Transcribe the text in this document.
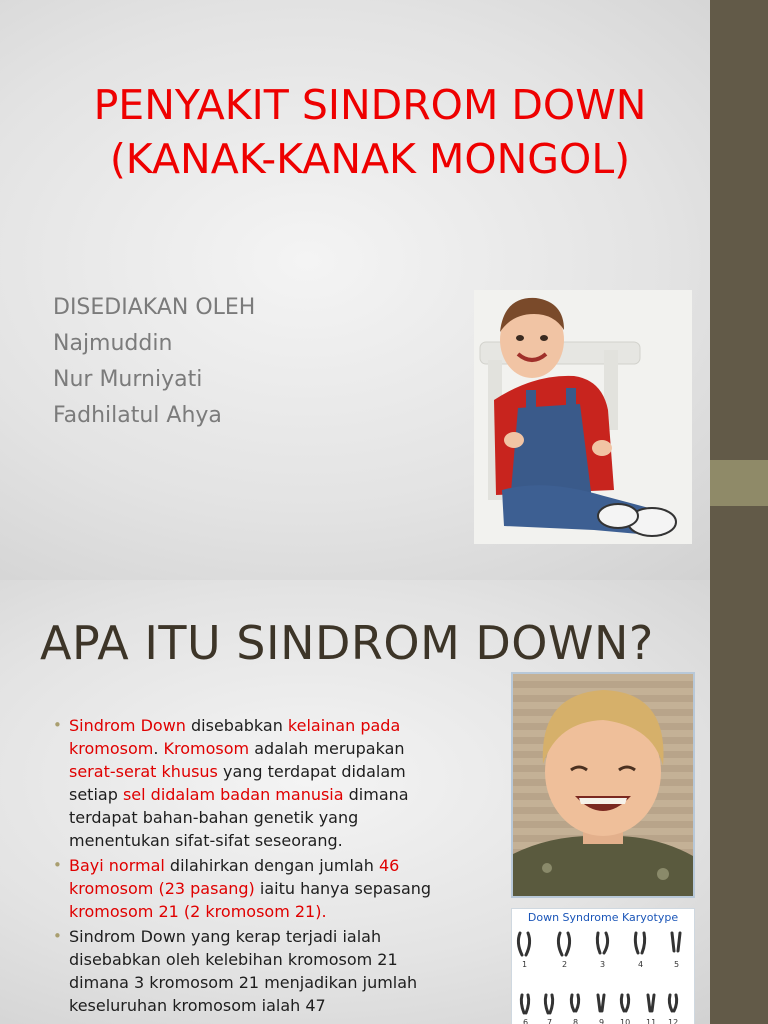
PENYAKIT SINDROM DOWN
(KANAK-KANAK MONGOL)
DISEDIAKAN OLEH
Najmuddin
Nur Murniyati
Fadhilatul Ahya
APA ITU SINDROM DOWN?
• Sindrom Down disebabkan kelainan pada kromosom. Kromosom adalah merupakan serat-serat khusus yang terdapat didalam setiap sel didalam badan manusia dimana terdapat bahan-bahan genetik yang menentukan sifat-sifat seseorang.
• Bayi normal dilahirkan dengan jumlah 46 kromosom (23 pasang) iaitu hanya sepasang kromosom 21 (2 kromosom 21).
• Sindrom Down yang kerap terjadi ialah disebabkan oleh kelebihan kromosom 21 dimana 3 kromosom 21 menjadikan jumlah keseluruhan kromosom ialah 47
Down Syndrome Karyotype
1	2	3	4	5
6 7	8	9 10 11 12
